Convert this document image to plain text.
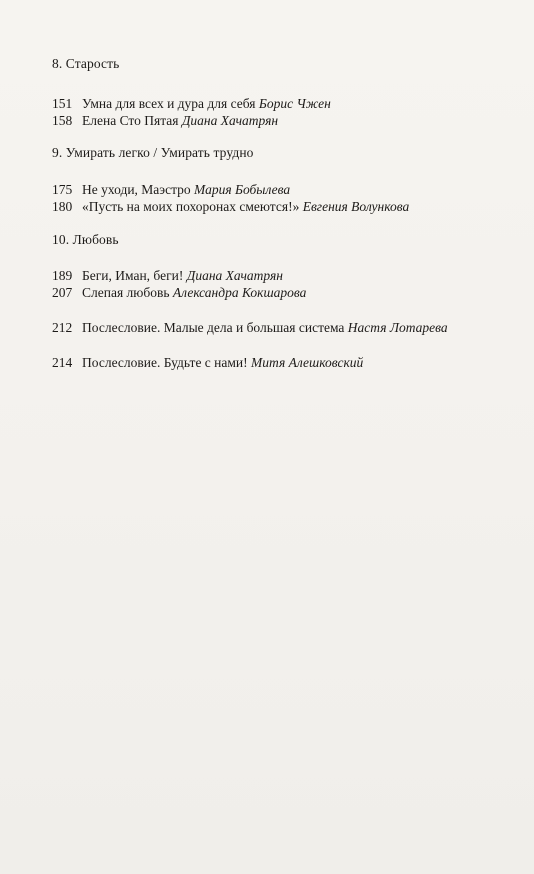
8. Старость
151 Умна для всех и дура для себя Борис Чжен
158 Елена Сто Пятая Диана Хачатрян
9. Умирать легко / Умирать трудно
175 Не уходи, Маэстро Мария Бобылева
180 «Пусть на моих похоронах смеются!» Евгения Волункова
10. Любовь
189 Беги, Иман, беги! Диана Хачатрян
207 Слепая любовь Александра Кокшарова
212 Послесловие. Малые дела и большая система Настя Лотарева
214 Послесловие. Будьте с нами! Митя Алешковский
